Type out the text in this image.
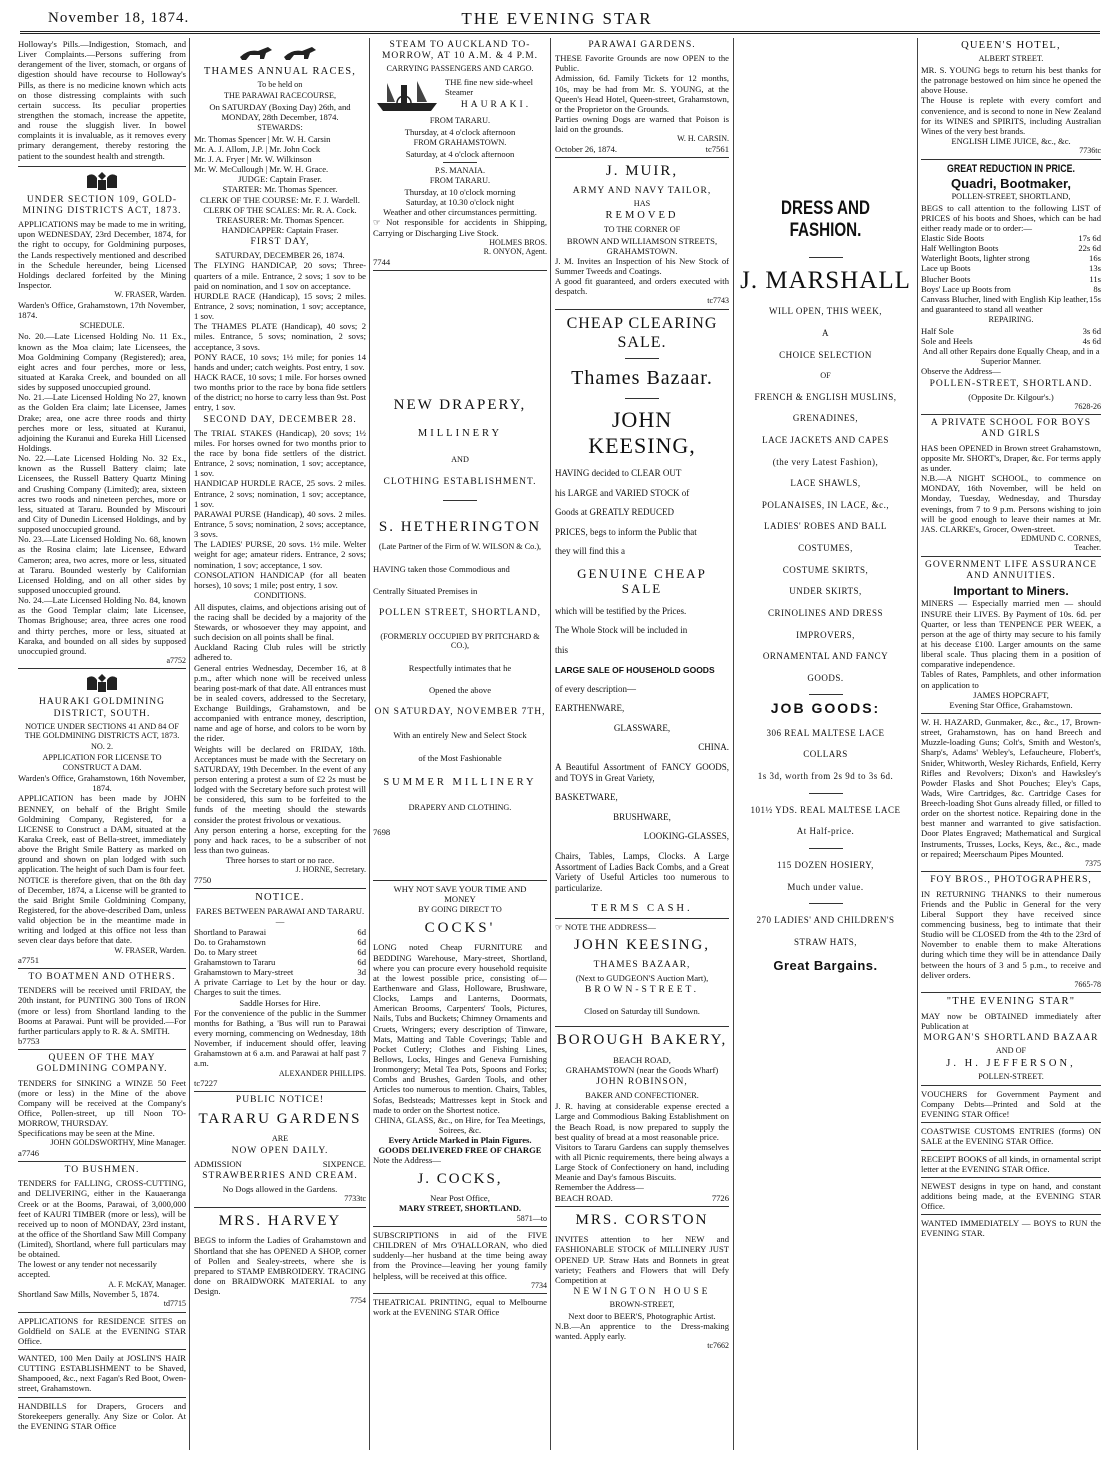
November 18, 1874.	THE EVENING STAR
Holloway's Pills.—Indigestion, Stomach, and Liver Complaints.—Persons suffering from derangement of the liver, stomach, or organs of digestion should have recourse to Holloway's Pills, as there is no medicine known which acts on those distressing complaints with such certain success. Its peculiar properties strengthen the stomach, increase the appetite, and rouse the sluggish liver. In bowel complaints it is invaluable, as it removes every primary derangement, thereby restoring the patient to the soundest health and strength.
UNDER SECTION 109, GOLD-MINING DISTRICTS ACT, 1873.
APPLICATIONS may be made to me in writing, upon WEDNESDAY, 23rd December, 1874, for the right to occupy, for Goldmining purposes, the Lands respectively mentioned and described in the Schedule hereunder, being Licensed Holdings declared forfeited by the Mining Inspector.
W. FRASER, Warden.
Warden's Office, Grahamstown, 17th November, 1874.
SCHEDULE.
No. 20.—Late Licensed Holding No. 11 Ex., known as the Moa claim; late Licensees, the Moa Goldmining Company (Registered); area, eight acres and four perches, more or less, situated at Karaka Creek, and bounded on all sides by supposed unoccupied ground.
No. 21.—Late Licensed Holding No 27, known as the Golden Era claim; late Licensee, James Drake; area, one acre three roods and thirty perches more or less, situated at Kuranui, adjoining the Kuranui and Eureka Hill Licensed Holdings.
No. 22.—Late Licensed Holding No. 32 Ex., known as the Russell Battery claim; late Licensees, the Russell Battery Quartz Mining and Crushing Company (Limited); area, sixteen acres two roods and nineteen perches, more or less, situated at Tararu. Bounded by Miscouri and City of Dunedin Licensed Holdings, and by supposed unoccupied ground.
No. 23.—Late Licensed Holding No. 68, known as the Rosina claim; late Licensee, Edward Cameron; area, two acres, more or less, situated at Tararu. Bounded westerly by Californian Licensed Holding, and on all other sides by supposed unoccupied ground.
No. 24.—Late Licensed Holding No. 84, known as the Good Templar claim; late Licensee, Thomas Brighouse; area, three acres one rood and thirty perches, more or less, situated at Karaka, and bounded on all sides by supposed unoccupied ground.
a7752
HAURAKI GOLDMINING DISTRICT, SOUTH.
NOTICE UNDER SECTIONS 41 AND 84 OF THE GOLDMINING DISTRICTS ACT, 1873.
NO. 2.
APPLICATION FOR LICENSE TO CONSTRUCT A DAM.
Warden's Office, Grahamstown, 16th November, 1874.
APPLICATION has been made by JOHN BENNEY, on behalf of the Bright Smile Goldmining Company, Registered, for a LICENSE to Construct a DAM, situated at the Karaka Creek, east of Bella-street, immediately above the Bright Smile Battery as marked on ground and shown on plan lodged with such application. The height of such Dam is four feet.
NOTICE is therefore given, that on the 8th day of December, 1874, a License will be granted to the said Bright Smile Goldmining Company, Registered, for the above-described Dam, unless valid objection be in the meantime made in writing and lodged at this office not less than seven clear days before that date.
W. FRASER, Warden.
a7751
TO BOATMEN AND OTHERS.
TENDERS will be received until FRIDAY, the 20th instant, for PUNTING 300 Tons of IRON (more or less) from Shortland landing to the Booms at Parawai. Punt will be provided.—For further particulars apply to R. & A. SMITH.
b7753
QUEEN OF THE MAY GOLDMINING COMPANY.
TENDERS for SINKING a WINZE 50 Feet (more or less) in the Mine of the above Company will be received at the Company's Office, Pollen-street, up till Noon TO-MORROW, THURSDAY.
Specifications may be seen at the Mine.
JOHN GOLDSWORTHY, Mine Manager.
a7746
TO BUSHMEN.
TENDERS for FALLING, CROSS-CUTTING, and DELIVERING, either in the Kauaeranga Creek or at the Booms, Parawai, of 3,000,000 feet of KAURI TIMBER (more or less), will be received up to noon of MONDAY, 23rd instant, at the office of the Shortland Saw Mill Company (Limited), Shortland, where full particulars may be obtained.
The lowest or any tender not necessarily accepted.
A. F. McKAY, Manager.
Shortland Saw Mills, November 5, 1874.
td7715
APPLICATIONS for RESIDENCE SITES on Goldfield on SALE at the EVENING STAR Office.
WANTED, 100 Men Daily at JOSLIN'S HAIR CUTTING ESTABLISHMENT to be Shaved, Shampooed, &c., next Fagan's Red Boot, Owen-street, Grahamstown.
HANDBILLS for Drapers, Grocers and Storekeepers generally. Any Size or Color. At the EVENING STAR Office
THAMES ANNUAL RACES,
To be held on
THE PARAWAI RACECOURSE,
On SATURDAY (Boxing Day) 26th, and MONDAY, 28th December, 1874.
STEWARDS:
Mr. Thomas Spencer | Mr. W. H. Carsin
Mr. A. J. Allom, J.P. | Mr. John Cock
Mr. J. A. Fryer | Mr. W. Wilkinson
Mr. W. McCullough | Mr. W. H. Grace.
JUDGE: Captain Fraser.
STARTER: Mr. Thomas Spencer.
CLERK OF THE COURSE: Mr. F. J. Wardell.
CLERK OF THE SCALES: Mr. R. A. Cock.
TREASURER: Mr. Thomas Spencer.
HANDICAPPER: Captain Fraser.
FIRST DAY,
SATURDAY, DECEMBER 26, 1874.
The FLYING HANDICAP, 20 sovs; Three-quarters of a mile. Entrance, 2 sovs; 1 sov to be paid on nomination, and 1 sov on acceptance.
HURDLE RACE (Handicap), 15 sovs; 2 miles. Entrance, 2 sovs; nomination, 1 sov; acceptance, 1 sov.
The THAMES PLATE (Handicap), 40 sovs; 2 miles. Entrance, 5 sovs; nomination, 2 sovs; acceptance, 3 sovs.
PONY RACE, 10 sovs; 1½ mile; for ponies 14 hands and under; catch weights. Post entry, 1 sov.
HACK RACE, 10 sovs; 1 mile. For horses owned two months prior to the race by bona fide settlers of the district; no horse to carry less than 9st. Post entry, 1 sov.
SECOND DAY, DECEMBER 28.
The TRIAL STAKES (Handicap), 20 sovs; 1½ miles. For horses owned for two months prior to the race by bona fide settlers of the district. Entrance, 2 sovs; nomination, 1 sov; acceptance, 1 sov.
HANDICAP HURDLE RACE, 25 sovs. 2 miles. Entrance, 2 sovs; nomination, 1 sov; acceptance, 1 sov.
PARAWAI PURSE (Handicap), 40 sovs. 2 miles. Entrance, 5 sovs; nomination, 2 sovs; acceptance, 3 sovs.
The LADIES' PURSE, 20 sovs. 1½ mile. Welter weight for age; amateur riders. Entrance, 2 sovs; nomination, 1 sov; acceptance, 1 sov.
CONSOLATION HANDICAP (for all beaten horses), 10 sovs; 1 mile; post entry, 1 sov.
CONDITIONS.
All disputes, claims, and objections arising out of the racing shall be decided by a majority of the Stewards, or whosoever they may appoint, and such decision on all points shall be final.
Auckland Racing Club rules will be strictly adhered to.
General entries Wednesday, December 16, at 8 p.m., after which none will be received unless bearing post-mark of that date. All entrances must be in sealed covers, addressed to the Secretary, Exchange Buildings, Grahamstown, and be accompanied with entrance money, description, name and age of horse, and colors to be worn by the rider.
Weights will be declared on FRIDAY, 18th. Acceptances must be made with the Secretary on SATURDAY, 19th December. In the event of any person entering a protest a sum of £2 2s must be lodged with the Secretary before such protest will be considered, this sum to be forfeited to the funds of the meeting should the stewards consider the protest frivolous or vexatious.
Any person entering a horse, excepting for the pony and hack races, to be a subscriber of not less than two guineas.
Three horses to start or no race.
J. HORNE, Secretary.
7750
NOTICE.
FARES BETWEEN PARAWAI AND TARARU.—
Shortland to Parawai	6d
Do. to Grahamstown	6d
Do. to Mary street	6d
Grahamstown to Tararu	6d
Grahamstown to Mary-street	3d
A private Carriage to Let by the hour or day. Charges to suit the times.
Saddle Horses for Hire.
For the convenience of the public in the Summer months for Bathing, a 'Bus will run to Parawai every morning, commencing on Wednesday, 18th November, if inducement should offer, leaving Grahamstown at 6 a.m. and Parawai at half past 7 a.m.
ALEXANDER PHILLIPS.
tc7227
PUBLIC NOTICE!
TARARU GARDENS
ARE
NOW OPEN DAILY.
ADMISSION	SIXPENCE.
STRAWBERRIES AND CREAM.
No Dogs allowed in the Gardens.
7733tc
MRS. HARVEY
BEGS to inform the Ladies of Grahamstown and Shortland that she has OPENED A SHOP, corner of Pollen and Sealey-streets, where she is prepared to STAMP EMBROIDERY. TRACING done on BRAIDWORK MATERIAL to any Design.
7754
STEAM TO AUCKLAND TO-MORROW, AT 10 A.M. & 4 P.M.
CARRYING PASSENGERS AND CARGO.
THE fine new side-wheel Steamer
HAURAKI.
FROM TARARU.
Thursday, at 4 o'clock afternoon
FROM GRAHAMSTOWN.
Saturday, at 4 o'clock afternoon
P.S. MANAIA.
FROM TARARU.
Thursday, at 10 o'clock morning
Saturday, at 10.30 o'clock night
Weather and other circumstances permitting.
☞ Not responsible for accidents in Shipping, Carrying or Discharging Live Stock.
HOLMES BROS.
R. ONYON, Agent.
7744
NEW DRAPERY,
MILLINERY
AND
CLOTHING ESTABLISHMENT.
S. HETHERINGTON
(Late Partner of the Firm of W. WILSON & Co.),
HAVING taken those Commodious and
Centrally Situated Premises in
POLLEN STREET, SHORTLAND,
(FORMERLY OCCUPIED BY PRITCHARD & CO.),
Respectfully intimates that he
Opened the above
ON SATURDAY, NOVEMBER 7TH,
With an entirely New and Select Stock
of the Most Fashionable
SUMMER MILLINERY
DRAPERY AND CLOTHING.
7698
WHY NOT SAVE YOUR TIME AND
MONEY
BY GOING DIRECT TO
COCKS'
LONG noted Cheap FURNITURE and BEDDING Warehouse, Mary-street, Shortland, where you can procure every household requisite at the lowest possible price, consisting of—Earthenware and Glass, Holloware, Brushware, Clocks, Lamps and Lanterns, Doormats, American Brooms, Carpenters' Tools, Pictures, Nails, Tubs and Buckets; Chimney Ornaments and Cruets, Wringers; every description of Tinware, Mats, Matting and Table Coverings; Table and Pocket Cutlery; Clothes and Fishing Lines, Bellows, Locks, Hinges and Geneva Furnishing Ironmongery; Metal Tea Pots, Spoons and Forks; Combs and Brushes, Garden Tools, and other Articles too numerous to mention. Chairs, Tables, Sofas, Bedsteads; Mattresses kept in Stock and made to order on the Shortest notice.
CHINA, GLASS, &c., on Hire, for Tea Meetings, Soirees, &c.
Every Article Marked in Plain Figures. GOODS DELIVERED FREE OF CHARGE
Note the Address—
J. COCKS,
Near Post Office,
MARY STREET, SHORTLAND.
5871—to
SUBSCRIPTIONS in aid of the FIVE CHILDREN of Mrs O'HALLORAN, who died suddenly—her husband at the time being away from the Province—leaving her young family helpless, will be received at this office.
7734
THEATRICAL PRINTING, equal to Melbourne work at the EVENING STAR Office
PARAWAI GARDENS.
THESE Favorite Grounds are now OPEN to the Public.
Admission, 6d. Family Tickets for 12 months, 10s, may be had from Mr. S. YOUNG, at the Queen's Head Hotel, Queen-street, Grahamstown, or the Proprietor on the Grounds.
Parties owning Dogs are warned that Poison is laid on the grounds.
W. H. CARSIN.
October 26, 1874.	tc7561
J. MUIR,
ARMY AND NAVY TAILOR,
HAS
REMOVED
TO THE CORNER OF
BROWN AND WILLIAMSON STREETS, GRAHAMSTOWN.
J. M. Invites an Inspection of his New Stock of Summer Tweeds and Coatings.
A good fit guaranteed, and orders executed with despatch.
tc7743
CHEAP CLEARING SALE.
Thames Bazaar.
JOHN KEESING,
HAVING decided to CLEAR OUT
his LARGE and VARIED STOCK of
Goods at GREATLY REDUCED
PRICES, begs to inform the Public that
they will find this a
GENUINE CHEAP SALE
which will be testified by the Prices.
The Whole Stock will be included in
this
LARGE SALE OF HOUSEHOLD GOODS
of every description—
EARTHENWARE,
GLASSWARE,
CHINA.
A Beautiful Assortment of FANCY GOODS, and TOYS in Great Variety,
BASKETWARE,
BRUSHWARE,
LOOKING-GLASSES,
Chairs, Tables, Lamps, Clocks. A Large Assortment of Ladies Back Combs, and a Great Variety of Useful Articles too numerous to particularize.
TERMS CASH.
☞ NOTE THE ADDRESS—
JOHN KEESING,
THAMES BAZAAR,
(Next to GUDGEON'S Auction Mart),
BROWN-STREET.
Closed on Saturday till Sundown.
BOROUGH BAKERY,
BEACH ROAD,
GRAHAMSTOWN (near the Goods Wharf)
JOHN ROBINSON,
BAKER AND CONFECTIONER.
J. R. having at considerable expense erected a Large and Commodious Baking Establishment on the Beach Road, is now prepared to supply the best quality of bread at a most reasonable price.
Visitors to Tararu Gardens can supply themselves with all Picnic requirements, there being always a Large Stock of Confectionery on hand, including Meanie and Day's famous Biscuits.
Remember the Address—
BEACH ROAD.	7726
MRS. CORSTON
INVITES attention to her NEW and FASHIONABLE STOCK of MILLINERY JUST OPENED UP. Straw Hats and Bonnets in great variety; Feathers and Flowers that will Defy Competition at
NEWINGTON HOUSE
BROWN-STREET,
Next door to BEER'S, Photographic Artist.
N.B.—An apprentice to the Dress-making wanted. Apply early.
tc7662
DRESS AND FASHION.
J. MARSHALL
WILL OPEN, THIS WEEK,
A
CHOICE SELECTION
OF
FRENCH & ENGLISH MUSLINS,
GRENADINES,
LACE JACKETS AND CAPES
(the very Latest Fashion),
LACE SHAWLS,
POLANAISES, IN LACE, &c.,
LADIES' ROBES AND BALL
COSTUMES,
COSTUME SKIRTS,
UNDER SKIRTS,
CRINOLINES AND DRESS
IMPROVERS,
ORNAMENTAL AND FANCY
GOODS.
JOB GOODS:
306 REAL MALTESE LACE
COLLARS
1s 3d, worth from 2s 9d to 3s 6d.
101½ YDS. REAL MALTESE LACE
At Half-price.
115 DOZEN HOSIERY,
Much under value.
270 LADIES' AND CHILDREN'S
STRAW HATS,
Great Bargains.
QUEEN'S HOTEL,
ALBERT STREET.
MR. S. YOUNG begs to return his best thanks for the patronage bestowed on him since he opened the above House.
The House is replete with every comfort and convenience, and is second to none in New Zealand for its WINES and SPIRITS, including Australian Wines of the very best brands.
ENGLISH LIME JUICE, &c., &c.
7736tc
GREAT REDUCTION IN PRICE.
Quadri, Bootmaker,
POLLEN-STREET, SHORTLAND,
BEGS to call attention to the following LIST of PRICES of his boots and Shoes, which can be had either ready made or to order:—
Elastic Side Boots	17s 6d
Half Wellington Boots	22s 6d
Waterlight Boots, lighter strong	16s
Lace up Boots	13s
Blucher Boots	11s
Boys' Lace up Boots from	8s
Canvass Blucher, lined with English Kip leather, and guaranteed to stand all weather
15s
REPAIRING.
Half Sole	3s 6d
Sole and Heels	4s 6d
And all other Repairs done Equally Cheap, and in a Superior Manner.
Observe the Address—
POLLEN-STREET, SHORTLAND.
(Opposite Dr. Kilgour's.)
7628-26
A PRIVATE SCHOOL FOR BOYS AND GIRLS
HAS been OPENED in Brown street Grahamstown, opposite Mr. SHORT's, Draper, &c. For terms apply as under.
N.B.—A NIGHT SCHOOL, to commence on MONDAY, 16th November, will be held on Monday, Tuesday, Wednesday, and Thursday evenings, from 7 to 9 p.m. Persons wishing to join will be good enough to leave their names at Mr. JAS. CLARKE's, Grocer, Owen-street.
EDMUND C. CORNES,
Teacher.
GOVERNMENT LIFE ASSURANCE AND ANNUITIES.
Important to Miners.
MINERS — Especially married men — should INSURE their LIVES. By Payment of 10s. 6d. per Quarter, or less than TENPENCE PER WEEK, a person at the age of thirty may secure to his family at his decease £100. Larger amounts on the same liberal scale. Thus placing them in a position of comparative independence.
Tables of Rates, Pamphlets, and other information on application to
JAMES HOPCRAFT,
Evening Star Office, Grahamstown.
W. H. HAZARD, Gunmaker, &c., &c., 17, Brown-street, Grahamstown, has on hand Breech and Muzzle-loading Guns; Colt's, Smith and Weston's, Sharp's, Adams' Webley's, Lefaucheure, Flobert's, Snider, Whitworth, Wesley Richards, Enfield, Kerry Rifles and Revolvers; Dixon's and Hawksley's Powder Flasks and Shot Pouches; Eley's Caps, Wads, Wire Cartridges, &c. Cartridge Cases for Breech-loading Shot Guns already filled, or filled to order on the shortest notice. Repairing done in the best manner and warranted to give satisfaction. Door Plates Engraved; Mathematical and Surgical Instruments, Trusses, Locks, Keys, &c., &c., made or repaired; Meerschaum Pipes Mounted.
7375
FOY BROS., PHOTOGRAPHERS,
IN RETURNING THANKS to their numerous Friends and the Public in General for the very Liberal Support they have received since commencing business, beg to intimate that their Studio will be CLOSED from the 4th to the 23rd of November to enable them to make Alterations during which time they will be in attendance Daily between the hours of 3 and 5 p.m., to receive and deliver orders.
7665-78
"THE EVENING STAR"
MAY now be OBTAINED immediately after Publication at
MORGAN'S SHORTLAND BAZAAR
AND OF
J. H. JEFFERSON,
POLLEN-STREET.
VOUCHERS for Government Payment and Company Debts—Printed and Sold at the EVENING STAR Office!
COASTWISE CUSTOMS ENTRIES (forms) ON SALE at the EVENING STAR Office.
RECEIPT BOOKS of all kinds, in ornamental script letter at the EVENING STAR Office.
NEWEST designs in type on hand, and constant additions being made, at the EVENING STAR Office.
WANTED IMMEDIATELY — BOYS to RUN the EVENING STAR.
